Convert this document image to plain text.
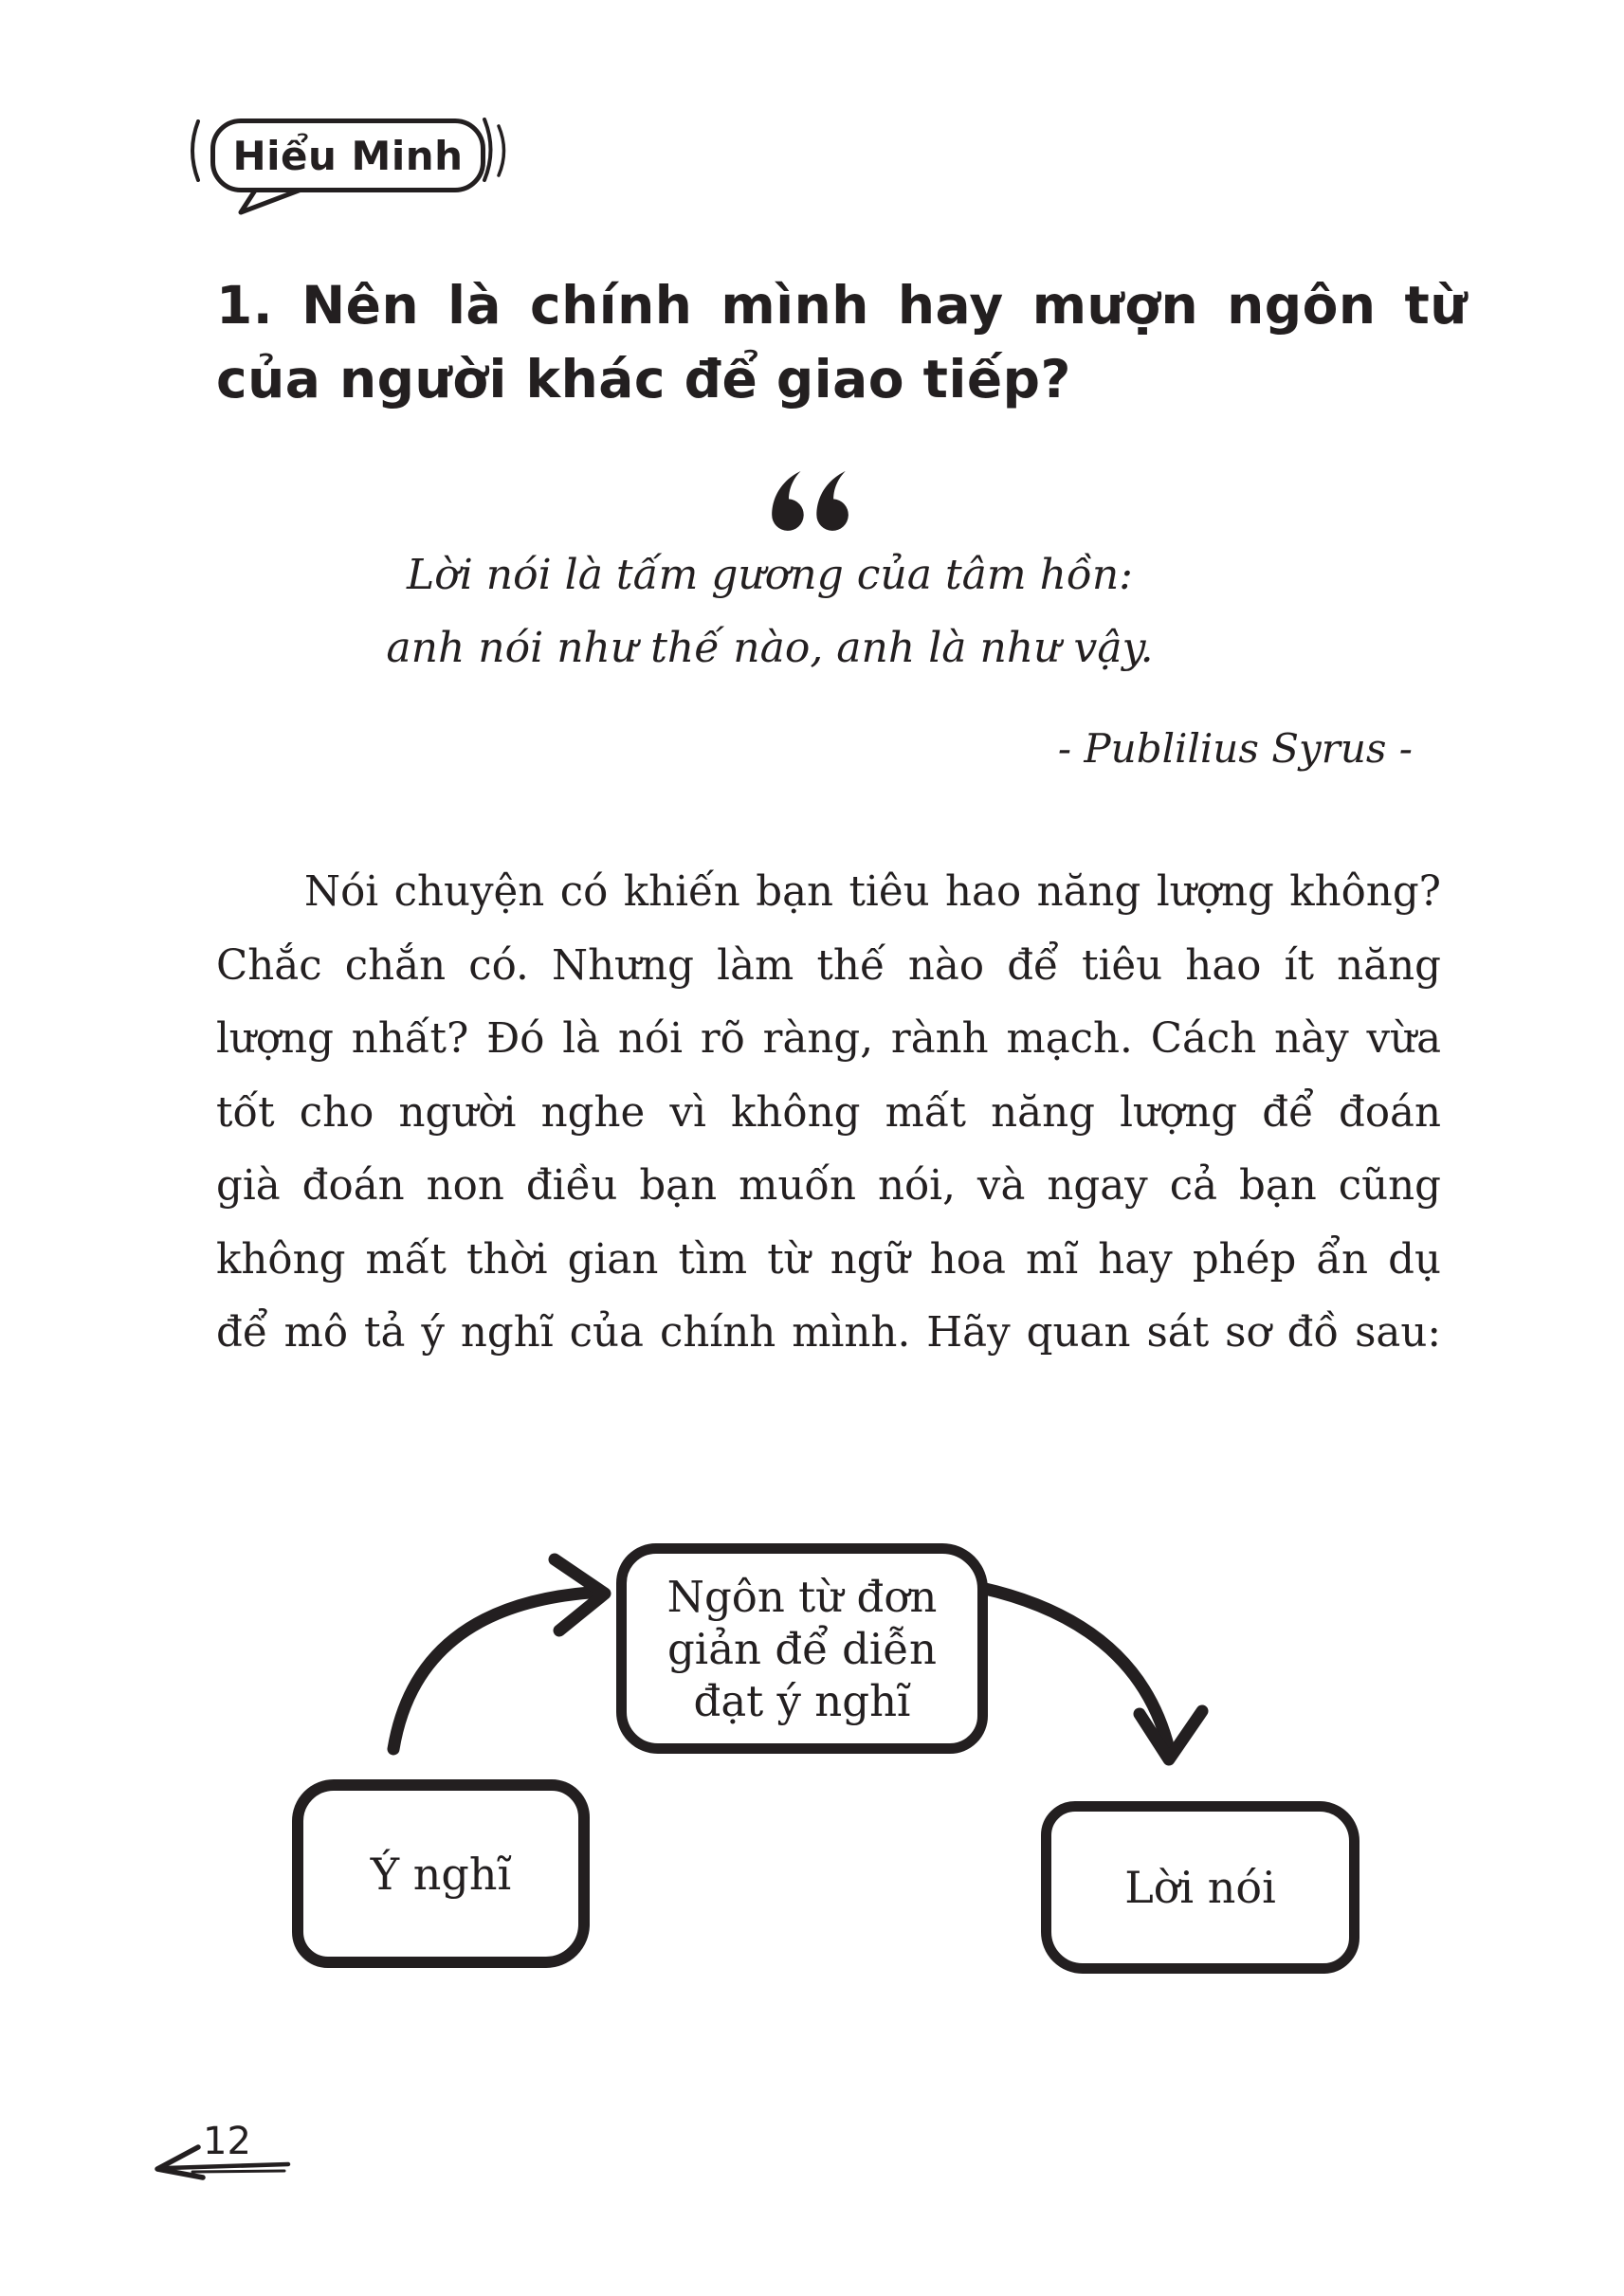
Hiểu Minh
1. Nên là chính mình hay mượn ngôn từ
của người khác để giao tiếp?
Lời nói là tấm gương của tâm hồn:
anh nói như thế nào, anh là như vậy.
- Publilius Syrus -
Nói chuyện có khiến bạn tiêu hao năng lượng không?
Chắc chắn có. Nhưng làm thế nào để tiêu hao ít năng
lượng nhất? Đó là nói rõ ràng, rành mạch. Cách này vừa
tốt cho người nghe vì không mất năng lượng để đoán
già đoán non điều bạn muốn nói, và ngay cả bạn cũng
không mất thời gian tìm từ ngữ hoa mĩ hay phép ẩn dụ
để mô tả ý nghĩ của chính mình. Hãy quan sát sơ đồ sau:
Ngôn từ đơn
giản để diễn
đạt ý nghĩ
Ý nghĩ	Lời nói
12
